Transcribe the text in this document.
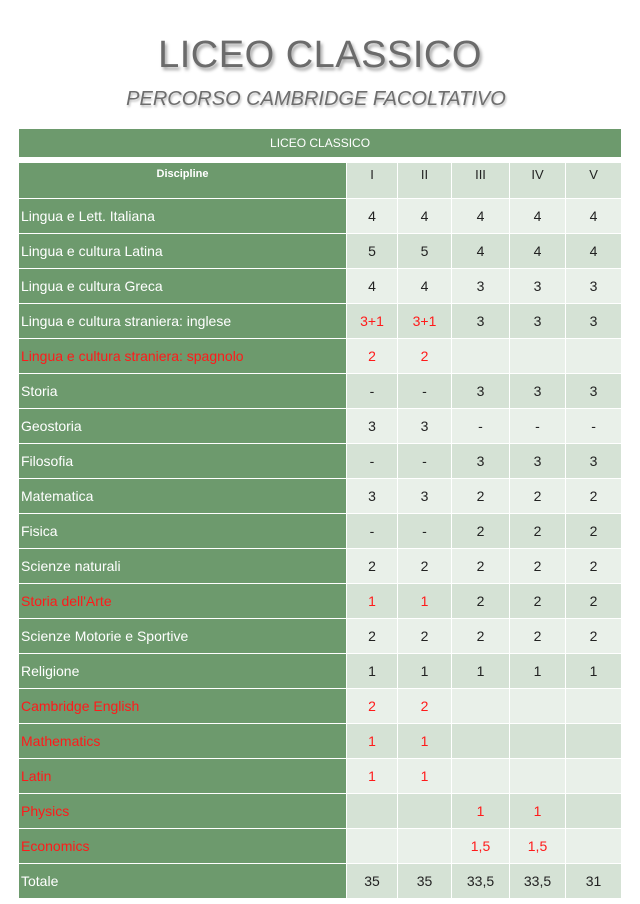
LICEO CLASSICO
PERCORSO CAMBRIDGE FACOLTATIVO
LICEO CLASSICO					

Discipline	I	II	III	IV	V
Lingua e Lett. Italiana	4	4	4	4	4
Lingua e cultura Latina	5	5	4	4	4
Lingua e cultura Greca	4	4	3	3	3
Lingua e cultura straniera: inglese	3+1	3+1	3	3	3
Lingua e cultura straniera: spagnolo	2	2			
Storia	-	-	3	3	3
Geostoria	3	3	-	-	-
Filosofia	-	-	3	3	3
Matematica	3	3	2	2	2
Fisica	-	-	2	2	2
Scienze naturali	2	2	2	2	2
Storia dell'Arte	1	1	2	2	2
Scienze Motorie e Sportive	2	2	2	2	2
Religione	1	1	1	1	1
Cambridge English	2	2			
Mathematics	1	1			
Latin	1	1			
Physics			1	1	
Economics			1,5	1,5	
Totale	35	35	33,5	33,5	31
